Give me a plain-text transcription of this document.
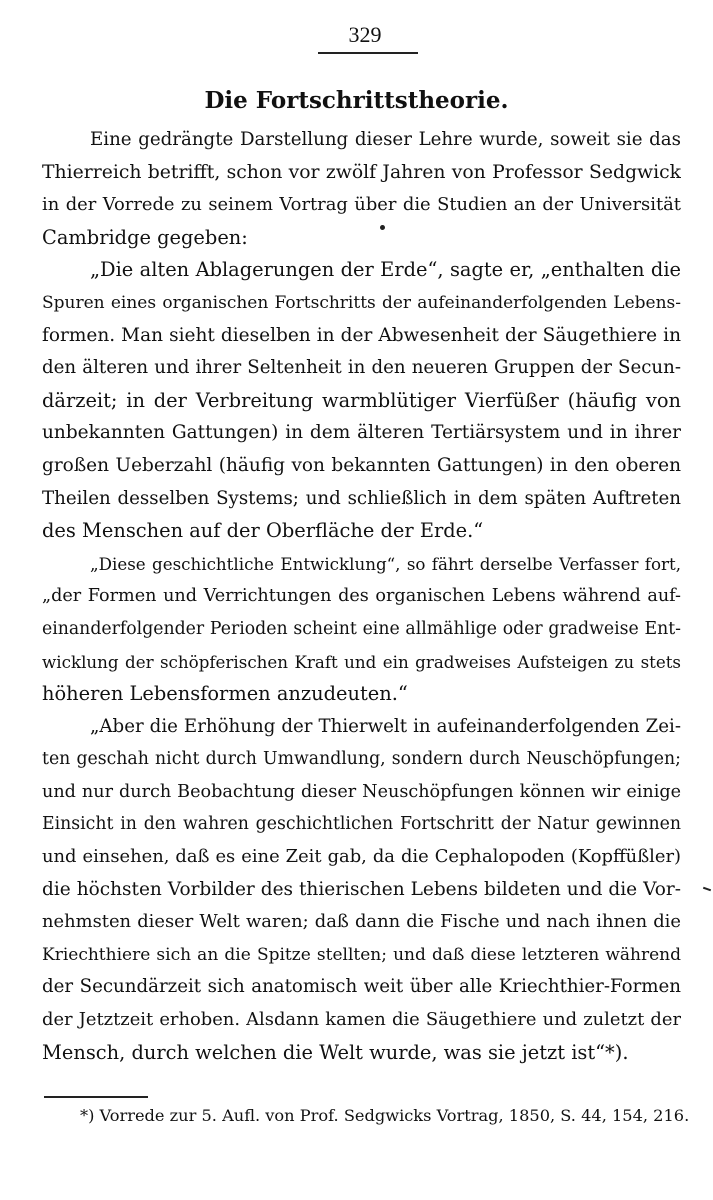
329
Die Fortschrittstheorie.
Eine gedrängte Darstellung dieser Lehre wurde, soweit sie das
Thierreich betrifft, schon vor zwölf Jahren von Professor Sedgwick
in der Vorrede zu seinem Vortrag über die Studien an der Universität
Cambridge gegeben:
„Die alten Ablagerungen der Erde“, sagte er, „enthalten die
Spuren eines organischen Fortschritts der aufeinanderfolgenden Lebens-
formen. Man sieht dieselben in der Abwesenheit der Säugethiere in
den älteren und ihrer Seltenheit in den neueren Gruppen der Secun-
därzeit; in der Verbreitung warmblütiger Vierfüßer (häufig von
unbekannten Gattungen) in dem älteren Tertiärsystem und in ihrer
großen Ueberzahl (häufig von bekannten Gattungen) in den oberen
Theilen desselben Systems; und schließlich in dem späten Auftreten
des Menschen auf der Oberfläche der Erde.“
„Diese geschichtliche Entwicklung“, so fährt derselbe Verfasser fort,
„der Formen und Verrichtungen des organischen Lebens während auf-
einanderfolgender Perioden scheint eine allmählige oder gradweise Ent-
wicklung der schöpferischen Kraft und ein gradweises Aufsteigen zu stets
höheren Lebensformen anzudeuten.“
„Aber die Erhöhung der Thierwelt in aufeinanderfolgenden Zei-
ten geschah nicht durch Umwandlung, sondern durch Neuschöpfungen;
und nur durch Beobachtung dieser Neuschöpfungen können wir einige
Einsicht in den wahren geschichtlichen Fortschritt der Natur gewinnen
und einsehen, daß es eine Zeit gab, da die Cephalopoden (Kopffüßler)
die höchsten Vorbilder des thierischen Lebens bildeten und die Vor-
nehmsten dieser Welt waren; daß dann die Fische und nach ihnen die
Kriechthiere sich an die Spitze stellten; und daß diese letzteren während
der Secundärzeit sich anatomisch weit über alle Kriechthier-Formen
der Jetztzeit erhoben. Alsdann kamen die Säugethiere und zuletzt der
Mensch, durch welchen die Welt wurde, was sie jetzt ist“*).
*) Vorrede zur 5. Aufl. von Prof. Sedgwicks Vortrag, 1850, S. 44, 154, 216.
